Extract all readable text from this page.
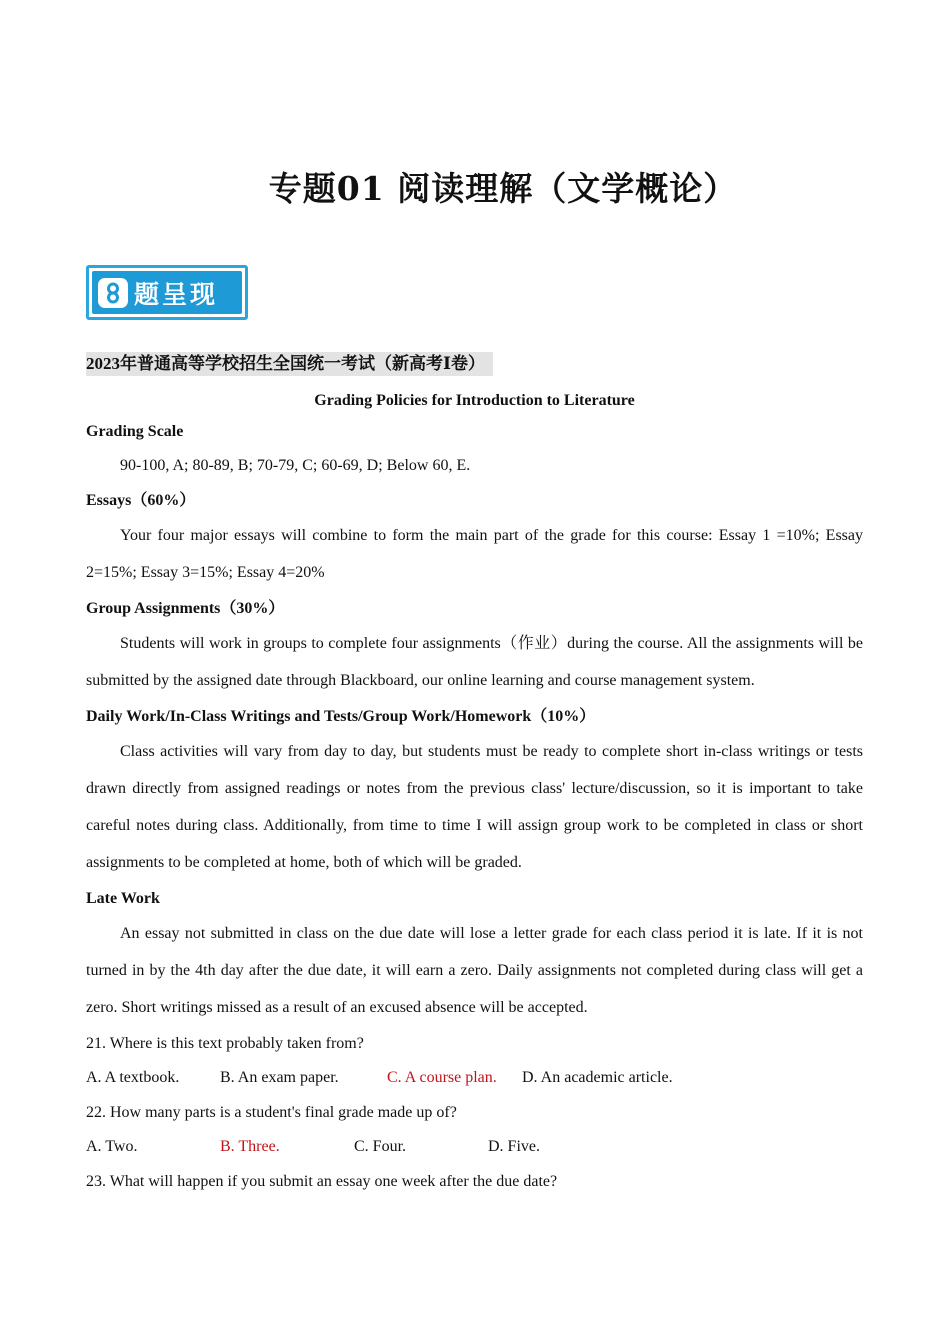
专题01 阅读理解（文学概论）
题呈现
2023年普通高等学校招生全国统一考试（新高考Ⅰ卷）
Grading Policies for Introduction to Literature
Grading Scale

90-100, A; 80-89, B; 70-79, C; 60-69, D; Below 60, E.

Essays（60%）

Your four major essays will combine to form the main part of the grade for this course: Essay 1 =10%; Essay 2=15%; Essay 3=15%; Essay 4=20%

Group Assignments（30%）

Students will work in groups to complete four assignments（作业）during the course. All the assignments will be submitted by the assigned date through Blackboard, our online learning and course management system.

Daily Work/In-Class Writings and Tests/Group Work/Homework（10%）

Class activities will vary from day to day, but students must be ready to complete short in-class writings or tests drawn directly from assigned readings or notes from the previous class' lecture/discussion, so it is important to take careful notes during class. Additionally, from time to time I will assign group work to be completed in class or short assignments to be completed at home, both of which will be graded.

Late Work

An essay not submitted in class on the due date will lose a letter grade for each class period it is late. If it is not turned in by the 4th day after the due date, it will earn a zero. Daily assignments not completed during class will get a zero. Short writings missed as a result of an excused absence will be accepted.

21. Where is this text probably taken from?
A. A textbook.	B. An exam paper.	C. A course plan.	D. An academic article.
22. How many parts is a student's final grade made up of?
A. Two.	B. Three.	C. Four.	D. Five.
23. What will happen if you submit an essay one week after the due date?
